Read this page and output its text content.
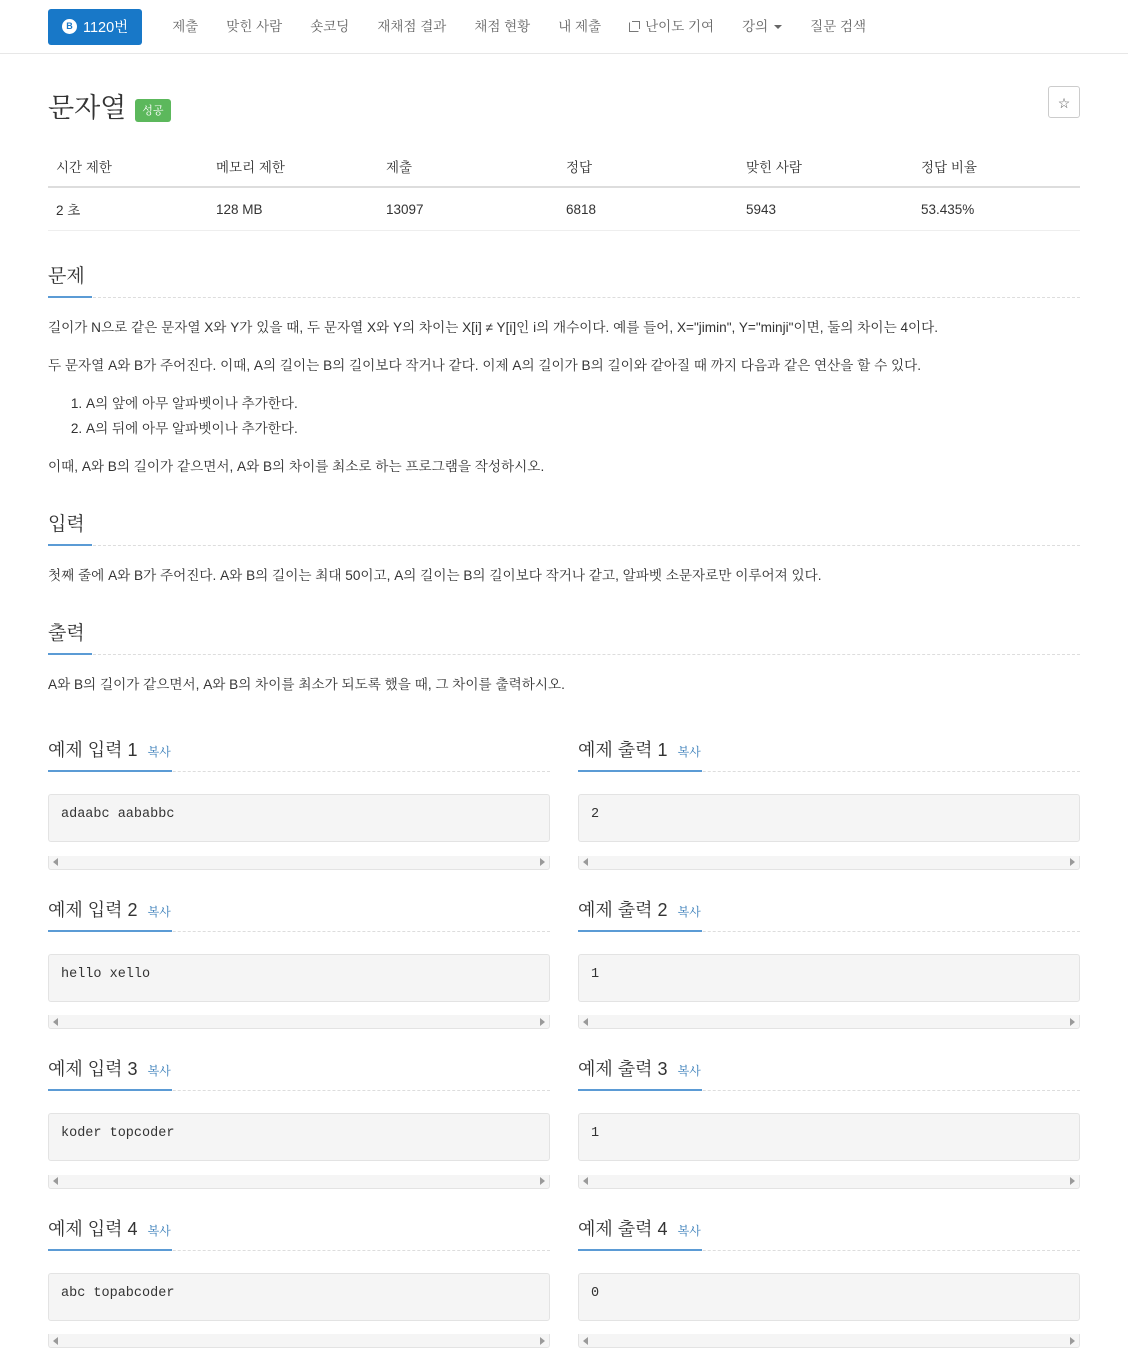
B 1120번	제출 맞힌 사람 숏코딩 재채점 결과 채점 현황 내 제출	난이도 기여 강의	질문 검색
문자열	성공	☆
시간 제한	메모리 제한	제출	정답	맞힌 사람	정답 비율
2 초	128 MB	13097	6818	5943	53.435%
문제

길이가 N으로 같은 문자열 X와 Y가 있을 때, 두 문자열 X와 Y의 차이는 X[i] ≠ Y[i]인 i의 개수이다. 예를 들어, X="jimin", Y="minji"이면, 둘의 차이는 4이다.

두 문자열 A와 B가 주어진다. 이때, A의 길이는 B의 길이보다 작거나 같다. 이제 A의 길이가 B의 길이와 같아질 때 까지 다음과 같은 연산을 할 수 있다.

1. A의 앞에 아무 알파벳이나 추가한다.
2. A의 뒤에 아무 알파벳이나 추가한다.

이때, A와 B의 길이가 같으면서, A와 B의 차이를 최소로 하는 프로그램을 작성하시오.

입력

첫째 줄에 A와 B가 주어진다. A와 B의 길이는 최대 50이고, A의 길이는 B의 길이보다 작거나 같고, 알파벳 소문자로만 이루어져 있다.

출력

A와 B의 길이가 같으면서, A와 B의 차이를 최소가 되도록 했을 때, 그 차이를 출력하시오.

예제 입력 1 복사
adaabc aababbc
예제 출력 1 복사
2
예제 입력 2 복사
hello xello
예제 출력 2 복사
1
예제 입력 3 복사
koder topcoder
예제 출력 3 복사
1
예제 입력 4 복사
abc topabcoder
예제 출력 4 복사
0
